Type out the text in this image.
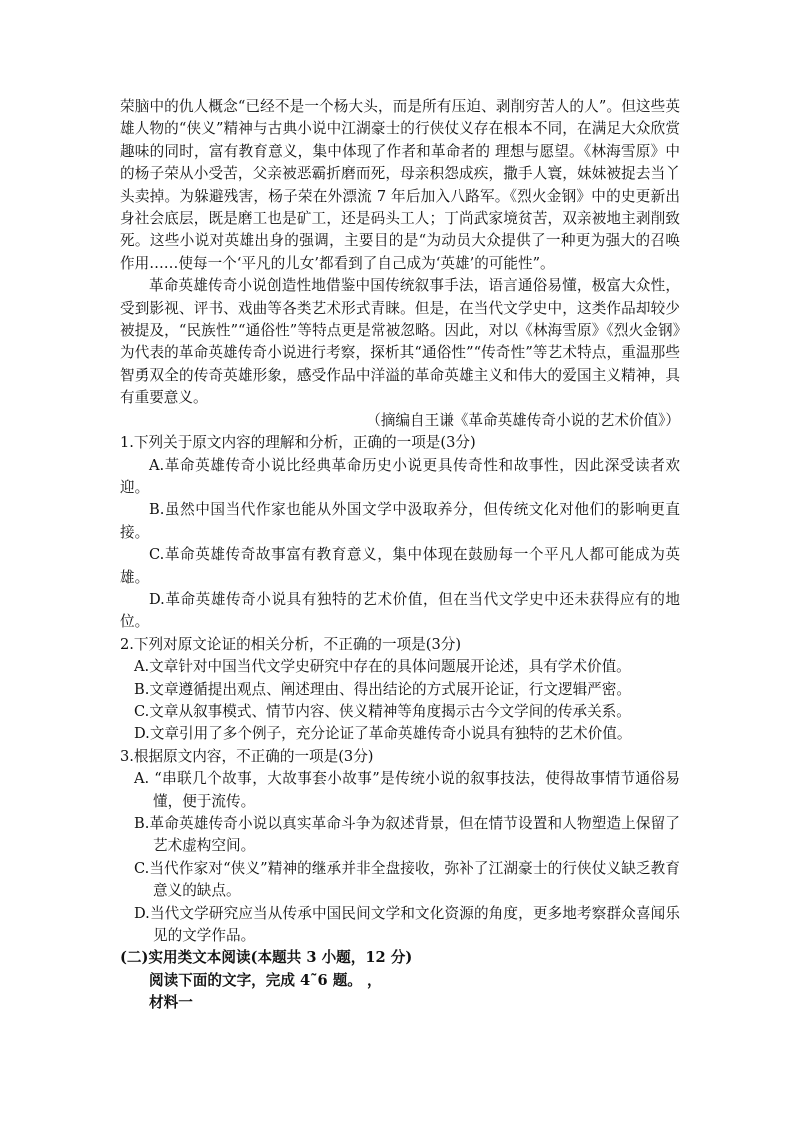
荣脑中的仇人概念“已经不是一个杨大头，而是所有压迫、剥削穷苦人的人”。但这些英雄人物的“侠义”精神与古典小说中江湖豪士的行侠仗义存在根本不同，在满足大众欣赏趣味的同时，富有教育意义，集中体现了作者和革命者的 理想与愿望。《林海雪原》中的杨子荣从小受苦，父亲被恶霸折磨而死，母亲积怨成疾，撒手人寰，妹妹被捉去当丫头卖掉。为躲避残害，杨子荣在外漂流 7 年后加入八路军。《烈火金钢》中的史更新出身社会底层，既是磨工也是矿工，还是码头工人；丁尚武家境贫苦，双亲被地主剥削致死。这些小说对英雄出身的强调，主要目的是“为动员大众提供了一种更为强大的召唤作用……使每一个‘平凡的儿女’都看到了自己成为‘英雄’的可能性”。

革命英雄传奇小说创造性地借鉴中国传统叙事手法，语言通俗易懂，极富大众性，受到影视、评书、戏曲等各类艺术形式青睐。但是，在当代文学史中，这类作品却较少被提及，“民族性”“通俗性”等特点更是常被忽略。因此，对以《林海雪原》《烈火金钢》为代表的革命英雄传奇小说进行考察，探析其“通俗性”“传奇性”等艺术特点，重温那些智勇双全的传奇英雄形象，感受作品中洋溢的革命英雄主义和伟大的爱国主义精神，具有重要意义。

（摘编自王谦《革命英雄传奇小说的艺术价值》）

1.下列关于原文内容的理解和分析，正确的一项是(3分)

A.革命英雄传奇小说比经典革命历史小说更具传奇性和故事性，因此深受读者欢迎。

B.虽然中国当代作家也能从外国文学中汲取养分，但传统文化对他们的影响更直接。

C.革命英雄传奇故事富有教育意义，集中体现在鼓励每一个平凡人都可能成为英雄。

D.革命英雄传奇小说具有独特的艺术价值，但在当代文学史中还未获得应有的地位。

2.下列对原文论证的相关分析，不正确的一项是(3分)

A.文章针对中国当代文学史研究中存在的具体问题展开论述，具有学术价值。

B.文章遵循提出观点、阐述理由、得出结论的方式展开论证，行文逻辑严密。

C.文章从叙事模式、情节内容、侠义精神等角度揭示古今文学间的传承关系。

D.文章引用了多个例子，充分论证了革命英雄传奇小说具有独特的艺术价值。

3.根据原文内容，不正确的一项是(3分)

A. “串联几个故事，大故事套小故事”是传统小说的叙事技法，使得故事情节通俗易懂，便于流传。

B.革命英雄传奇小说以真实革命斗争为叙述背景，但在情节设置和人物塑造上保留了艺术虚构空间。

C.当代作家对“侠义”精神的继承并非全盘接收，弥补了江湖豪士的行侠仗义缺乏教育意义的缺点。

D.当代文学研究应当从传承中国民间文学和文化资源的角度，更多地考察群众喜闻乐见的文学作品。

(二)实用类文本阅读(本题共 3 小题，12 分)

阅读下面的文字，完成 4˜6 题。 ，

材料一
